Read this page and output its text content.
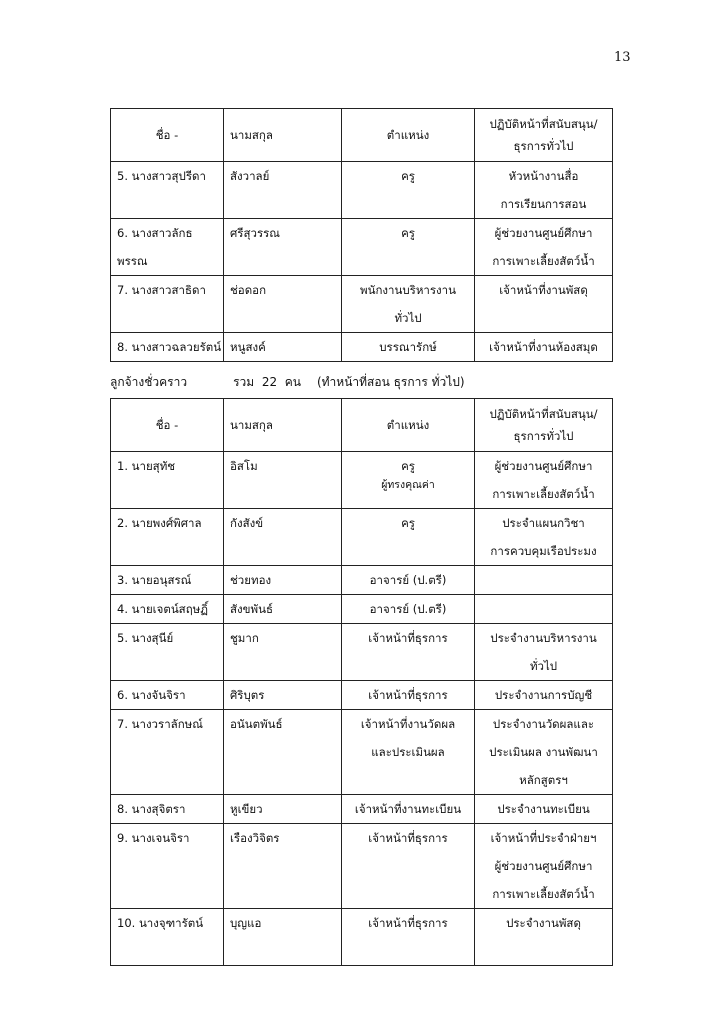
13
ชื่อ -	นามสกุล	ตำแหน่ง	ปฏิบัติหน้าที่สนับสนุน/
ธุรการทั่วไป

5. นางสาวสุปรีดา	สังวาลย์	ครู	หัวหน้างานสื่อ
การเรียนการสอน

6. นางสาวลักธพรรณ	ศรีสุวรรณ	ครู	ผู้ช่วยงานศูนย์ศึกษา
การเพาะเลี้ยงสัตว์น้ำ

7. นางสาวสาธิดา	ช่อดอก	พนักงานบริหารงาน
ทั่วไป	เจ้าหน้าที่งานพัสดุ

8. นางสาวฉลวยรัตน์	หนูสงค์	บรรณารักษ์	เจ้าหน้าที่งานห้องสมุด
ลูกจ้างชั่วคราว	รวม  22  คน (ทำหน้าที่สอน ธุรการ ทั่วไป)
ชื่อ -	นามสกุล	ตำแหน่ง	ปฏิบัติหน้าที่สนับสนุน/
ธุรการทั่วไป

1. นายสุทัช	อิสโม	ครู
ผู้ทรงคุณค่า	ผู้ช่วยงานศูนย์ศึกษา
การเพาะเลี้ยงสัตว์น้ำ

2. นายพงศ์พิศาล	กังสังข์	ครู	ประจำแผนกวิชา
การควบคุมเรือประมง

3. นายอนุสรณ์	ช่วยทอง	อาจารย์ (ป.ตรี)	

4. นายเจตน์สฤษฏิ์	สังขพันธ์	อาจารย์ (ป.ตรี)	

5. นางสุนีย์	ชูมาก	เจ้าหน้าที่ธุรการ	ประจำงานบริหารงาน
ทั่วไป

6. นางจันจิรา	ศิริบุตร	เจ้าหน้าที่ธุรการ	ประจำงานการบัญชี

7. นางวราลักษณ์	อนันตพันธ์	เจ้าหน้าที่งานวัดผล
และประเมินผล	ประจำงานวัดผลและ
ประเมินผล งานพัฒนา
หลักสูตรฯ

8. นางสุจิตรา	หูเขียว	เจ้าหน้าที่งานทะเบียน	ประจำงานทะเบียน

9. นางเจนจิรา	เรืองวิจิตร	เจ้าหน้าที่ธุรการ	เจ้าหน้าที่ประจำฝ่ายฯ
ผู้ช่วยงานศูนย์ศึกษา
การเพาะเลี้ยงสัตว์น้ำ

10. นางจุฑารัตน์	บุญแอ	เจ้าหน้าที่ธุรการ	ประจำงานพัสดุ
